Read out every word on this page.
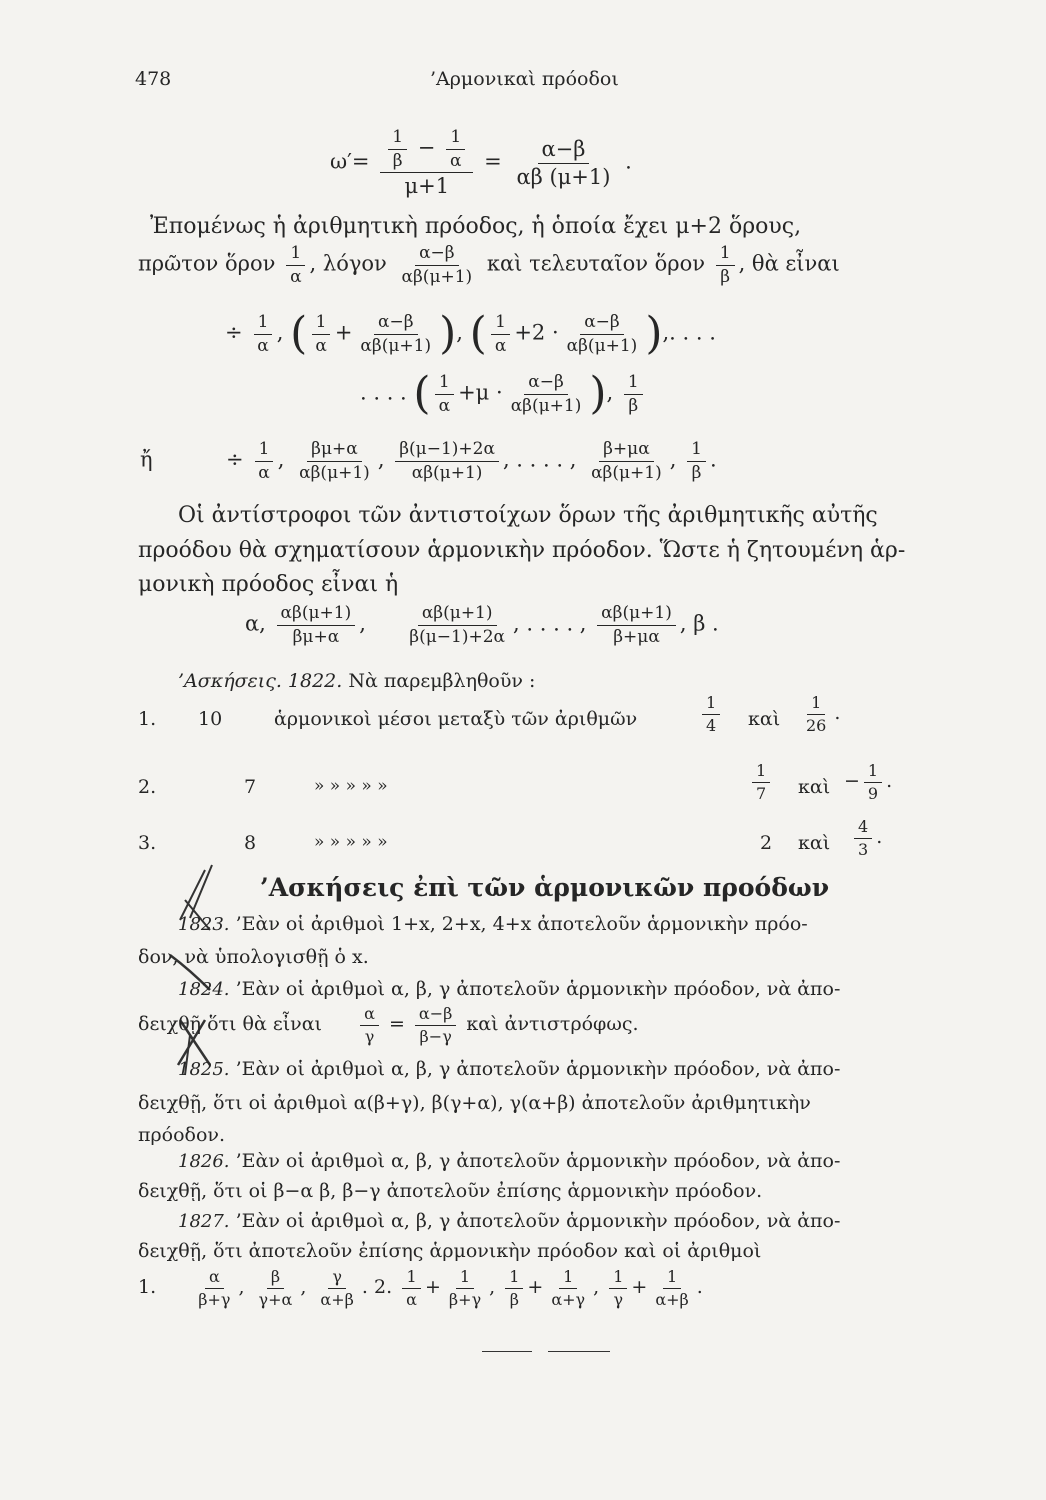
478	’Αρμονικαὶ πρόοδοι
$\omega'= \frac{\frac{1}{\beta} - \frac{1}{\alpha}}{\mu+1} = \frac{\alpha-\beta}{\alpha\beta (\mu+1)}$ .
Ἐπομένως ἡ ἀριθμητικὴ πρόοδος, ἡ ὁποία ἔχει μ+2 ὅρους,
πρῶτον ὅρον $\frac{1}{\alpha}$ , λόγον $\frac{\alpha-\beta}{\alpha\beta(\mu+1)}$ καὶ τελευταῖον ὅρον $\frac{1}{\beta}$ , θὰ εἶναι
÷ $\frac{1}{\alpha}$ , ( $\frac{1}{\alpha} + \frac{\alpha-\beta}{\alpha\beta(\mu+1)}$ ), ( $\frac{1}{\alpha} +2 \cdot \frac{\alpha-\beta}{\alpha\beta(\mu+1)}$ ),. . . .
. . . . ( $\frac{1}{\alpha} +\mu \cdot \frac{\alpha-\beta}{\alpha\beta(\mu+1)}$ ), $\frac{1}{\beta}$
ἤ	÷ $\frac{1}{\alpha}$ , $\frac{\beta\mu+\alpha}{\alpha\beta(\mu+1)}$ , $\frac{\beta(\mu-1)+2\alpha}{\alpha\beta(\mu+1)}$ , . . . . , $\frac{\beta+\mu\alpha}{\alpha\beta(\mu+1)}$ , $\frac{1}{\beta}$ .
Οἱ ἀντίστροφοι τῶν ἀντιστοίχων ὅρων τῆς ἀριθμητικῆς αὐτῆς
προόδου θὰ σχηματίσουν ἁρμονικὴν πρόοδον. Ὥστε ἡ ζητουμένη ἁρ-
μονικὴ πρόοδος εἶναι ἡ
α, $\frac{\alpha\beta(\mu+1)}{\beta\mu+\alpha}$ , $\frac{\alpha\beta(\mu+1)}{\beta(\mu-1)+2\alpha}$ , . . . . , $\frac{\alpha\beta(\mu+1)}{\beta+\mu\alpha}$ , β .
’Ασκήσεις. 1822. Νὰ παρεμβληθοῦν :
1. 10	ἁρμονικοὶ μέσοι μεταξὺ τῶν ἀριθμῶν	$\frac{1}{4}$ καὶ $\frac{1}{26}$ .
2.	7	» » » » »	$\frac{1}{7}$ καὶ − $\frac{1}{9}$ .
3.	8	» » » » »	2 καὶ $\frac{4}{3}$ .
’Ασκήσεις ἐπὶ τῶν ἁρμονικῶν προόδων
1823. ’Εὰν οἱ ἀριθμοὶ 1+x, 2+x, 4+x ἀποτελοῦν ἁρμονικὴν πρόο-
δον, νὰ ὑπολογισθῇ ὁ x.
1824. ’Εὰν οἱ ἀριθμοὶ α, β, γ ἀποτελοῦν ἁρμονικὴν πρόοδον, νὰ ἀπο-
δειχθῇ ὅτι θὰ εἶναι $\frac{\alpha}{\gamma} = \frac{\alpha-\beta}{\beta-\gamma}$ καὶ ἀντιστρόφως.
1825. ’Εὰν οἱ ἀριθμοὶ α, β, γ ἀποτελοῦν ἁρμονικὴν πρόοδον, νὰ ἀπο-
δειχθῇ, ὅτι οἱ ἀριθμοὶ α(β+γ), β(γ+α), γ(α+β) ἀποτελοῦν ἀριθμητικὴν
πρόοδον.
1826. ’Εὰν οἱ ἀριθμοὶ α, β, γ ἀποτελοῦν ἁρμονικὴν πρόοδον, νὰ ἀπο-
δειχθῇ, ὅτι οἱ β−α β, β−γ ἀποτελοῦν ἐπίσης ἁρμονικὴν πρόοδον.
1827. ’Εὰν οἱ ἀριθμοὶ α, β, γ ἀποτελοῦν ἁρμονικὴν πρόοδον, νὰ ἀπο-
δειχθῇ, ὅτι ἀποτελοῦν ἐπίσης ἁρμονικὴν πρόοδον καὶ οἱ ἀριθμοὶ
1. $\frac{\alpha}{\beta+\gamma}$ , $\frac{\beta}{\gamma+\alpha}$ , $\frac{\gamma}{\alpha+\beta}$ . 2. $\frac{1}{\alpha} + \frac{1}{\beta+\gamma}$ , $\frac{1}{\beta} + \frac{1}{\alpha+\gamma}$ , $\frac{1}{\gamma} + \frac{1}{\alpha+\beta}$ .
